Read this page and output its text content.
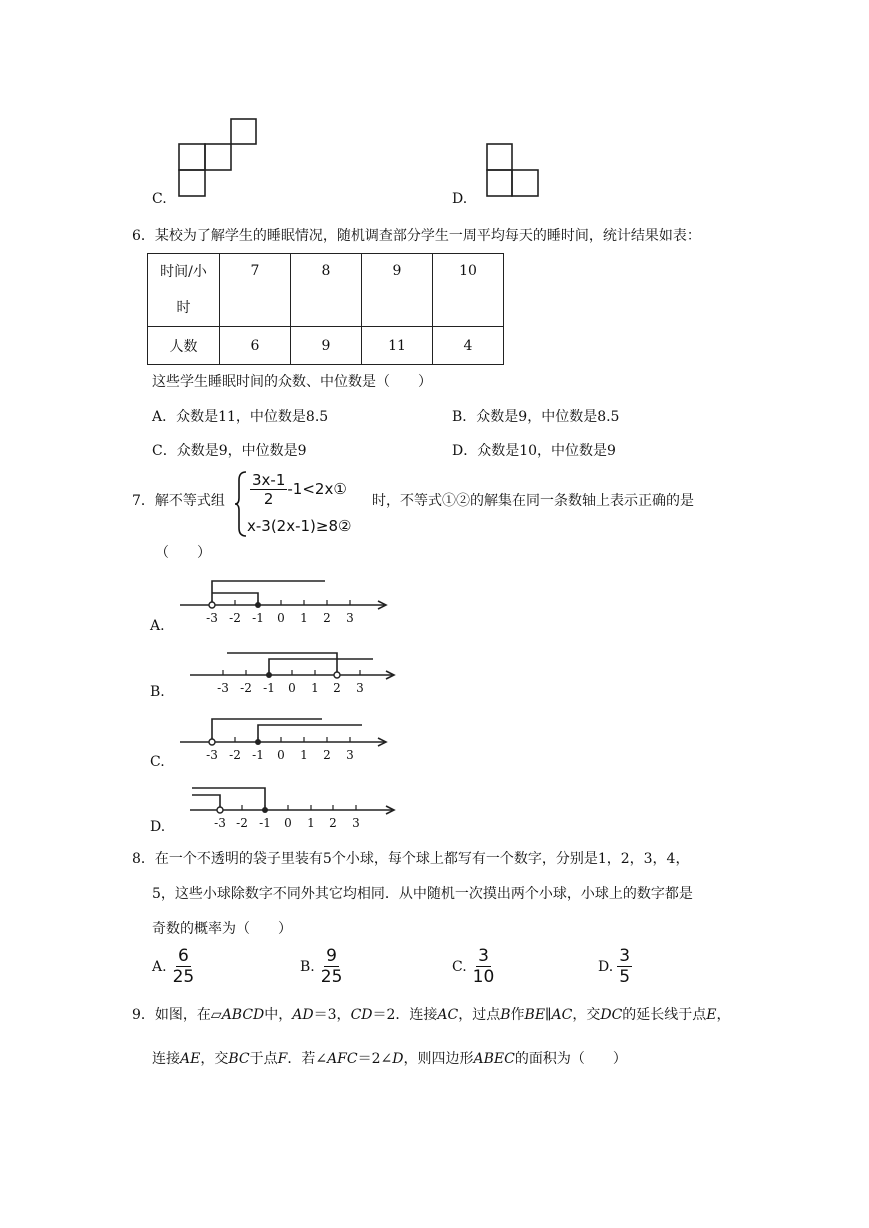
C.	D.
6．某校为了解学生的睡眠情况，随机调查部分学生一周平均每天的睡时间，统计结果如表：
时间/小
时	7	8	9	10
人数	6	9	11	4
这些学生睡眠时间的众数、中位数是（　　）
A．众数是11，中位数是8.5	B．众数是9，中位数是8.5
C．众数是9，中位数是9	D．众数是10，中位数是9
7．解不等式组 $\frac{3x-1}{2}$ -1<2x①
x-3(2x-1)≥8②
时，不等式①②的解集在同一条数轴上表示正确的是
（　　）
A.	-3 -2 -1 0 1 2 3
B.	-3 -2 -1 0 1 2 3
C.	-3 -2 -1 0 1 2 3
D.	-3 -2 -1 0 1 2 3
8．在一个不透明的袋子里装有5个小球，每个球上都写有一个数字，分别是1，2，3，4，
5，这些小球除数字不同外其它均相同．从中随机一次摸出两个小球，小球上的数字都是
奇数的概率为（　　）
A. $\frac{6}{25}$	B. $\frac{9}{25}$	C. $\frac{3}{10}$	D. $\frac{3}{5}$
9．如图，在▱ABCD中，AD＝3，CD＝2．连接AC，过点B作BE∥AC，交DC的延长线于点E，
连接AE，交BC于点F．若∠AFC＝2∠D，则四边形ABEC的面积为（　　）
